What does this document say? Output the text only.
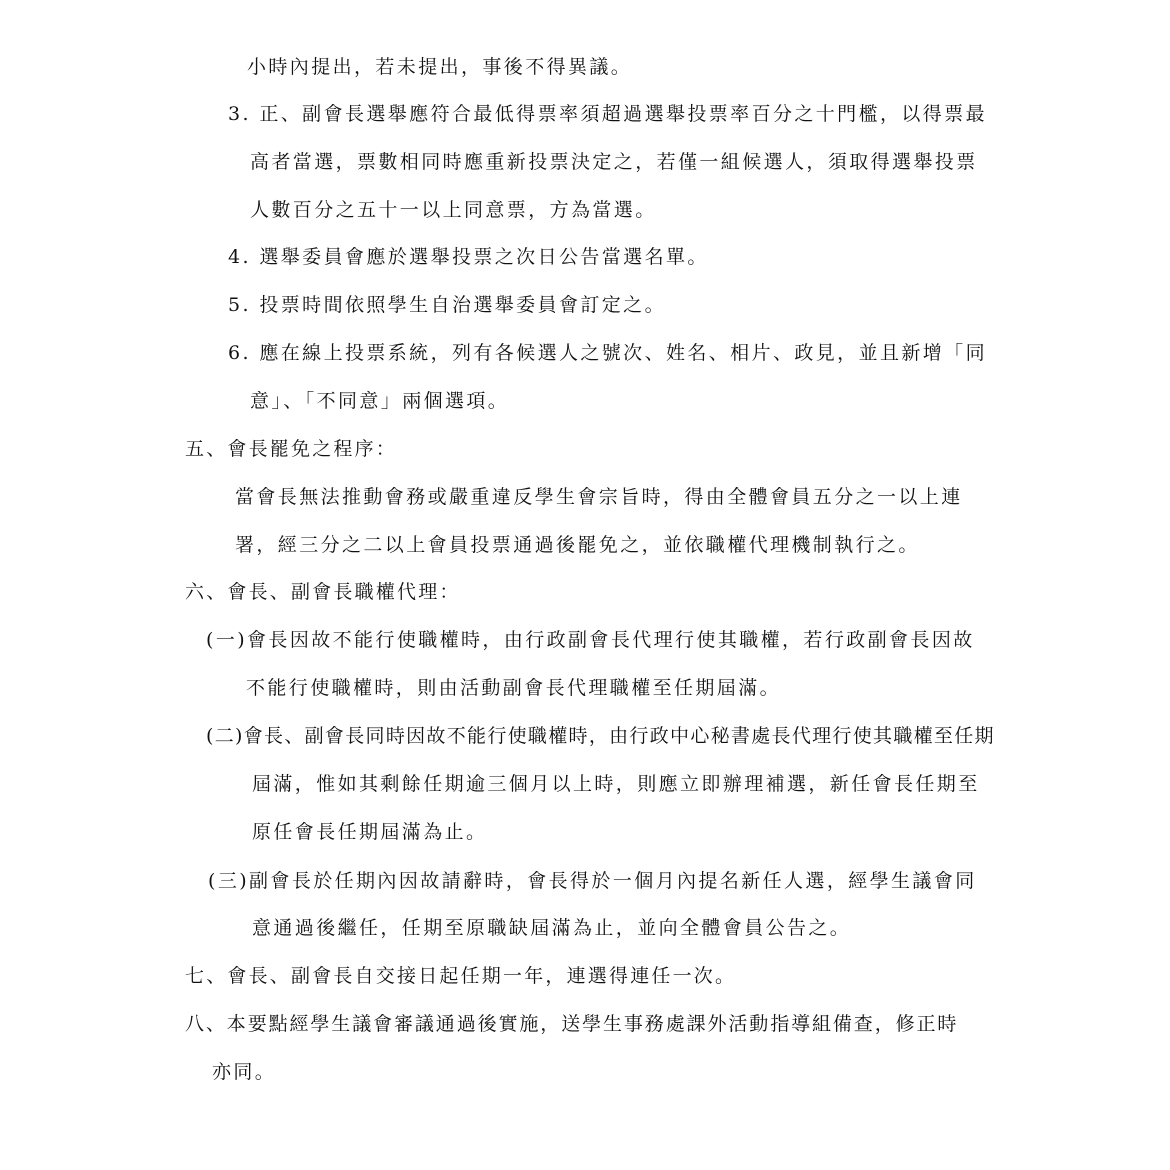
小時內提出，若未提出，事後不得異議。
3. 正、副會長選舉應符合最低得票率須超過選舉投票率百分之十門檻，以得票最
高者當選，票數相同時應重新投票決定之，若僅一組候選人，須取得選舉投票
人數百分之五十一以上同意票，方為當選。
4. 選舉委員會應於選舉投票之次日公告當選名單。
5. 投票時間依照學生自治選舉委員會訂定之。
6. 應在線上投票系統，列有各候選人之號次、姓名、相片、政見，並且新增「同
意」、「不同意」兩個選項。
五、會長罷免之程序：
當會長無法推動會務或嚴重違反學生會宗旨時，得由全體會員五分之一以上連
署，經三分之二以上會員投票通過後罷免之，並依職權代理機制執行之。
六、會長、副會長職權代理：
(一)會長因故不能行使職權時，由行政副會長代理行使其職權，若行政副會長因故
不能行使職權時，則由活動副會長代理職權至任期屆滿。
(二)會長、副會長同時因故不能行使職權時，由行政中心秘書處長代理行使其職權至任期
屆滿，惟如其剩餘任期逾三個月以上時，則應立即辦理補選，新任會長任期至
原任會長任期屆滿為止。
(三)副會長於任期內因故請辭時，會長得於一個月內提名新任人選，經學生議會同
意通過後繼任，任期至原職缺屆滿為止，並向全體會員公告之。
七、會長、副會長自交接日起任期一年，連選得連任一次。
八、本要點經學生議會審議通過後實施，送學生事務處課外活動指導組備查，修正時
亦同。
